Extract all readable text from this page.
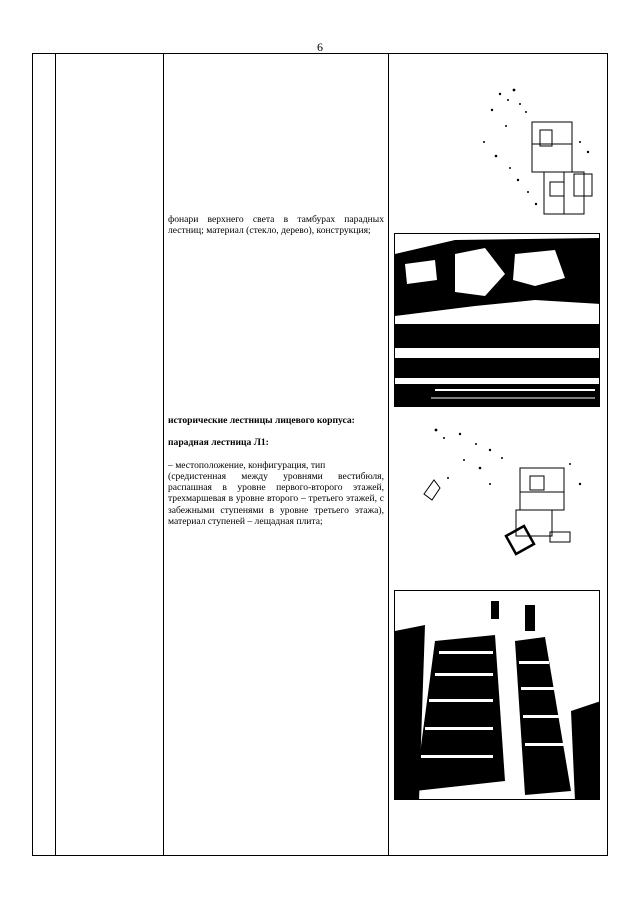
6

фонари верхнего света в тамбурах парадных лестниц; материал (стекло, дерево), конструкция;

исторические лестницы лицевого корпуса:

парадная лестница Л1:

– местоположение, конфигурация, тип

(средистенная между уровнями вестибюля, распашная в уровне первого-второго этажей, трехмаршевая в уровне второго – третьего этажей, с забежными ступенями в уровне третьего этажа), материал ступеней – лещадная плита;
